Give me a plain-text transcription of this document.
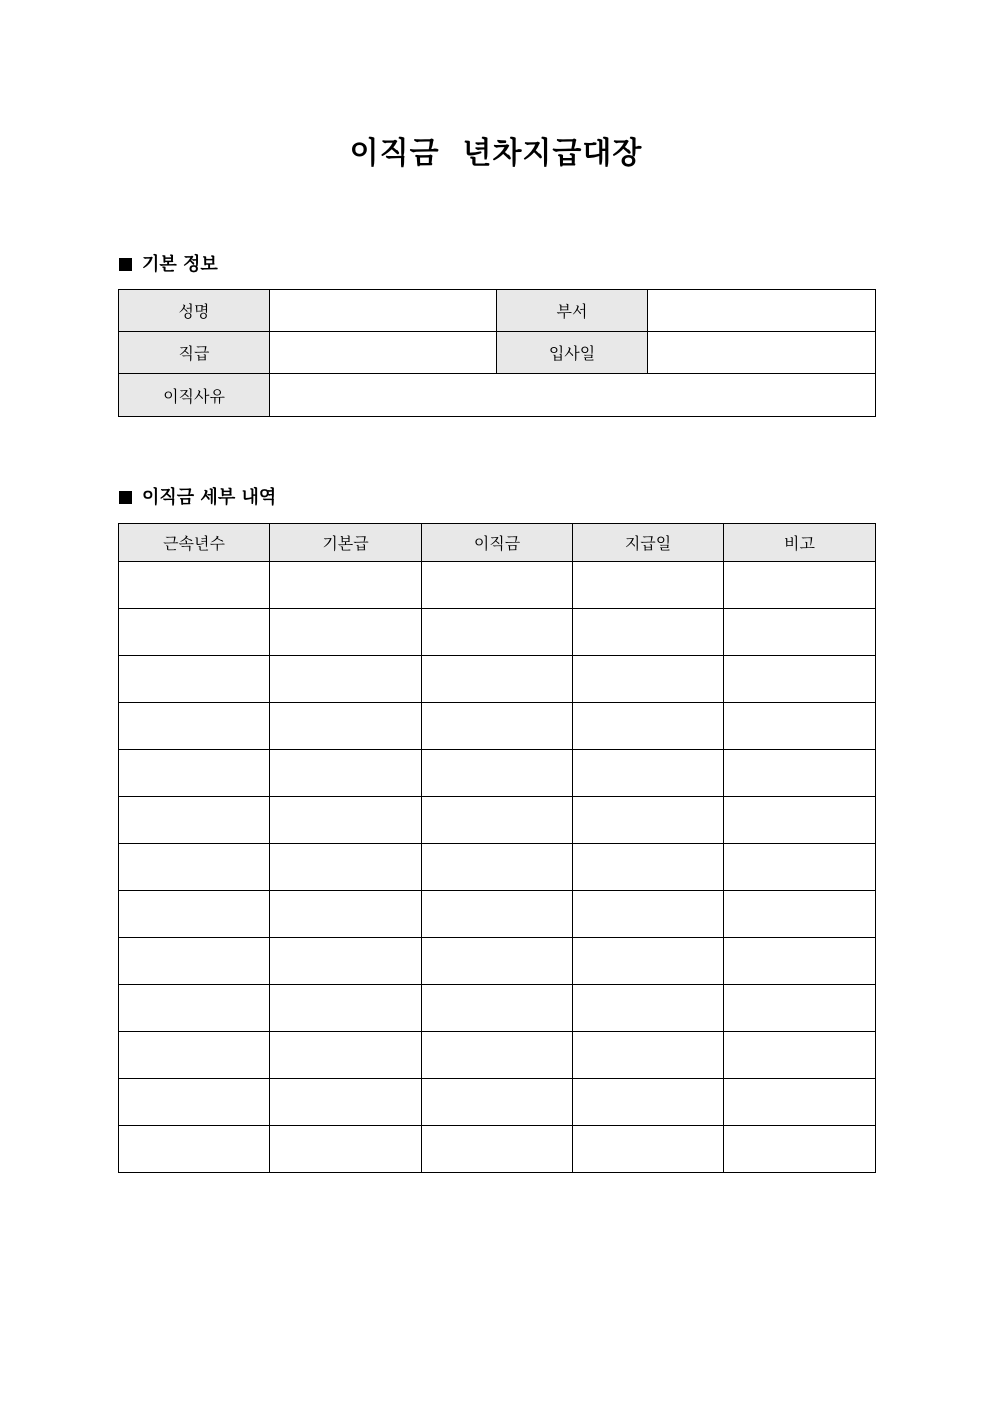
이직금  년차지급대장
기본 정보
성명		부서	
직급		입사일	
이직사유			
이직금 세부 내역
근속년수	기본급	이직금	지급일	비고
